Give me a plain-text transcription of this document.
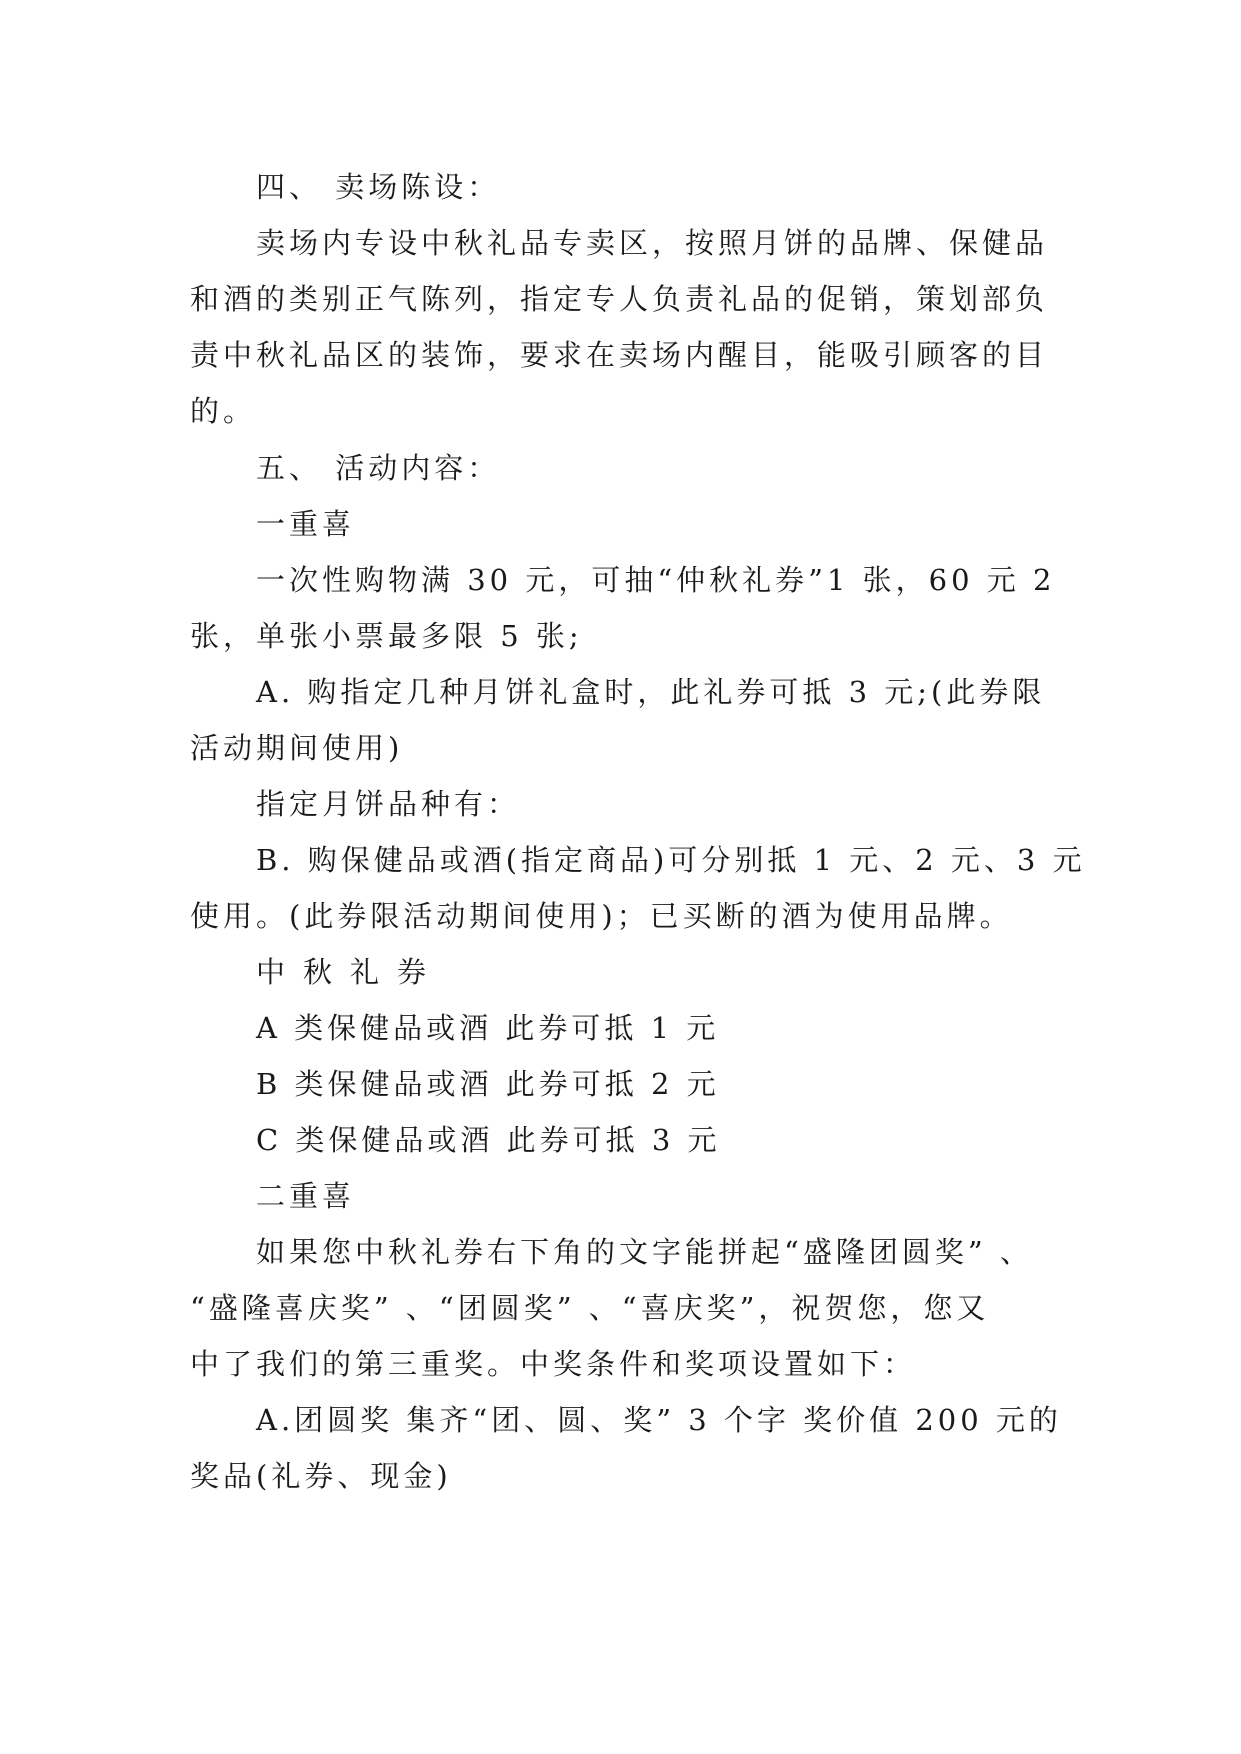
四、 卖场陈设：
卖场内专设中秋礼品专卖区，按照月饼的品牌、保健品
和酒的类别正气陈列，指定专人负责礼品的促销，策划部负
责中秋礼品区的装饰，要求在卖场内醒目，能吸引顾客的目
的。
五、 活动内容：
一重喜
一次性购物满 30 元，可抽“仲秋礼券”1 张，60 元 2
张，单张小票最多限 5 张;
A. 购指定几种月饼礼盒时，此礼券可抵 3 元;(此券限
活动期间使用)
指定月饼品种有：
B. 购保健品或酒(指定商品)可分别抵 1 元、2 元、3 元
使用。(此券限活动期间使用)；已买断的酒为使用品牌。
中秋礼券
A 类保健品或酒 此券可抵 1 元
B 类保健品或酒 此券可抵 2 元
C 类保健品或酒 此券可抵 3 元
二重喜
如果您中秋礼券右下角的文字能拼起“盛隆团圆奖” 、
“盛隆喜庆奖” 、“团圆奖” 、“喜庆奖”，祝贺您，您又
中了我们的第三重奖。中奖条件和奖项设置如下：
A.团圆奖 集齐“团、圆、奖” 3 个字 奖价值 200 元的
奖品(礼券、现金)
